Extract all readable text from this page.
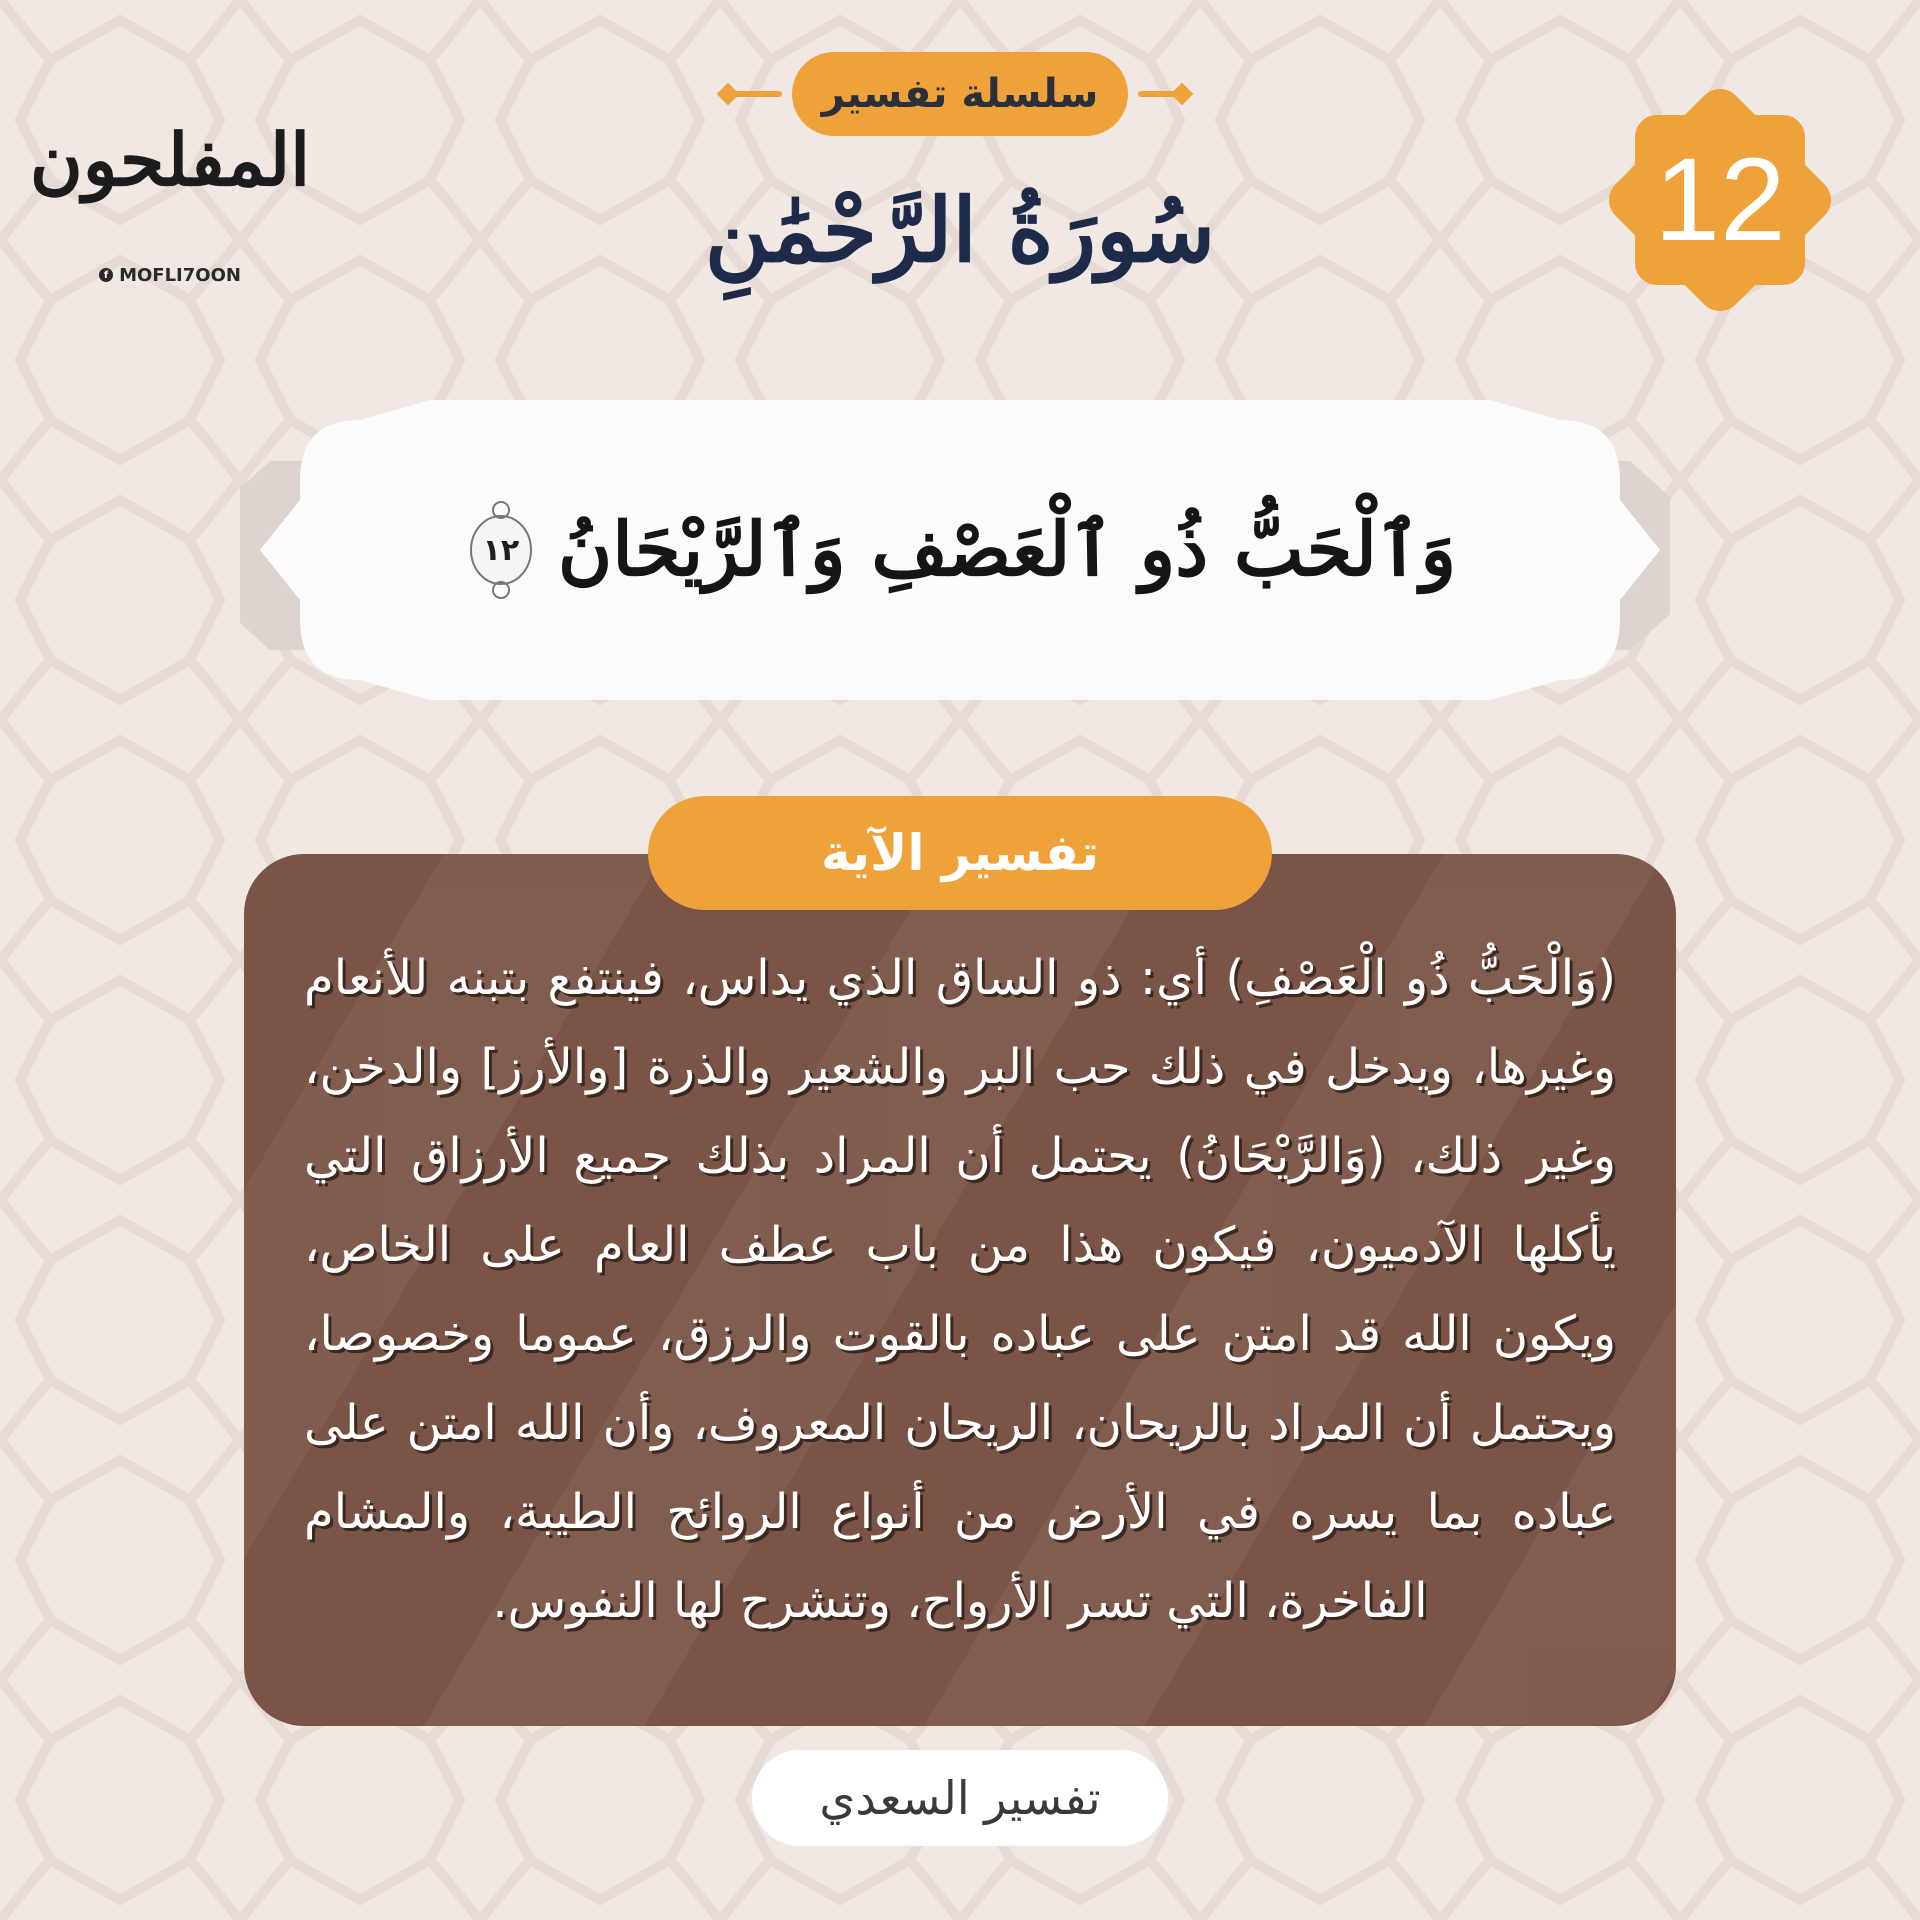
المفلحون
f MOFLI7OON
سلسلة تفسير
سُورَةُ الرَّحْمَٰنِ	12
وَٱلْحَبُّ ذُو ٱلْعَصْفِ وَٱلرَّيْحَانُ
١٢
(وَالْحَبُّ ذُو الْعَصْفِ) أي: ذو الساق الذي يداس، فينتفع بتبنه للأنعام وغيرها، ويدخل في ذلك حب البر والشعير والذرة [والأرز] والدخن، وغير ذلك، (وَالرَّيْحَانُ) يحتمل أن المراد بذلك جميع الأرزاق التي يأكلها الآدميون، فيكون هذا من باب عطف العام على الخاص، ويكون الله قد امتن على عباده بالقوت والرزق، عموما وخصوصا، ويحتمل أن المراد بالريحان، الريحان المعروف، وأن الله امتن على عباده بما يسره في الأرض من أنواع الروائح الطيبة، والمشام الفاخرة، التي تسر الأرواح، وتنشرح لها النفوس.
تفسير الآية
تفسير السعدي
